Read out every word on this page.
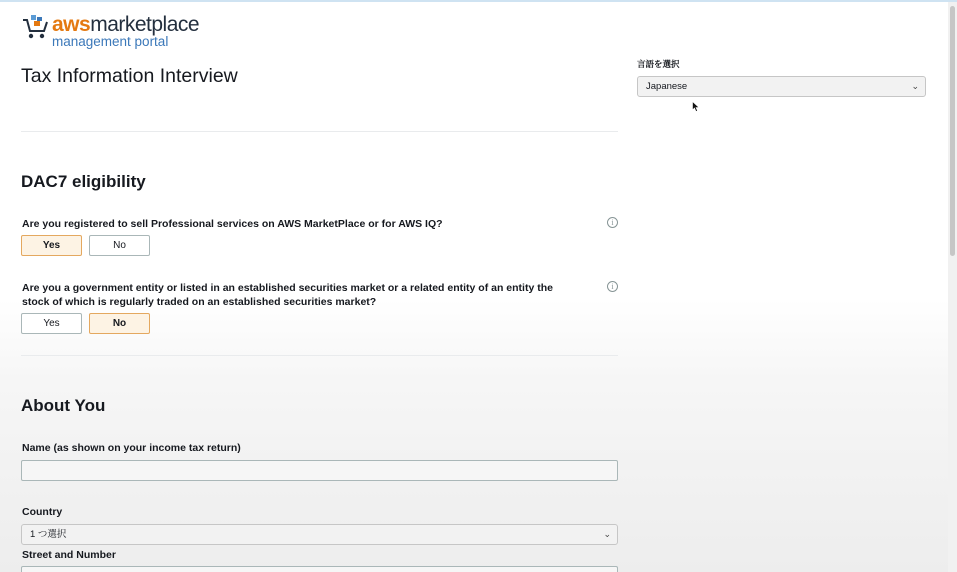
awsmarketplace
management portal
Tax Information Interview
言語を選択
Japanese	⌄
DAC7 eligibility
Are you registered to sell Professional services on AWS MarketPlace or for AWS IQ?	i
Yes	No
Are you a government entity or listed in an established securities market or a related entity of an entity the stock of which is regularly traded on an established securities market?
i
Yes	No
About You
Name (as shown on your income tax return)
Country
1 つ選択	⌄
Street and Number
